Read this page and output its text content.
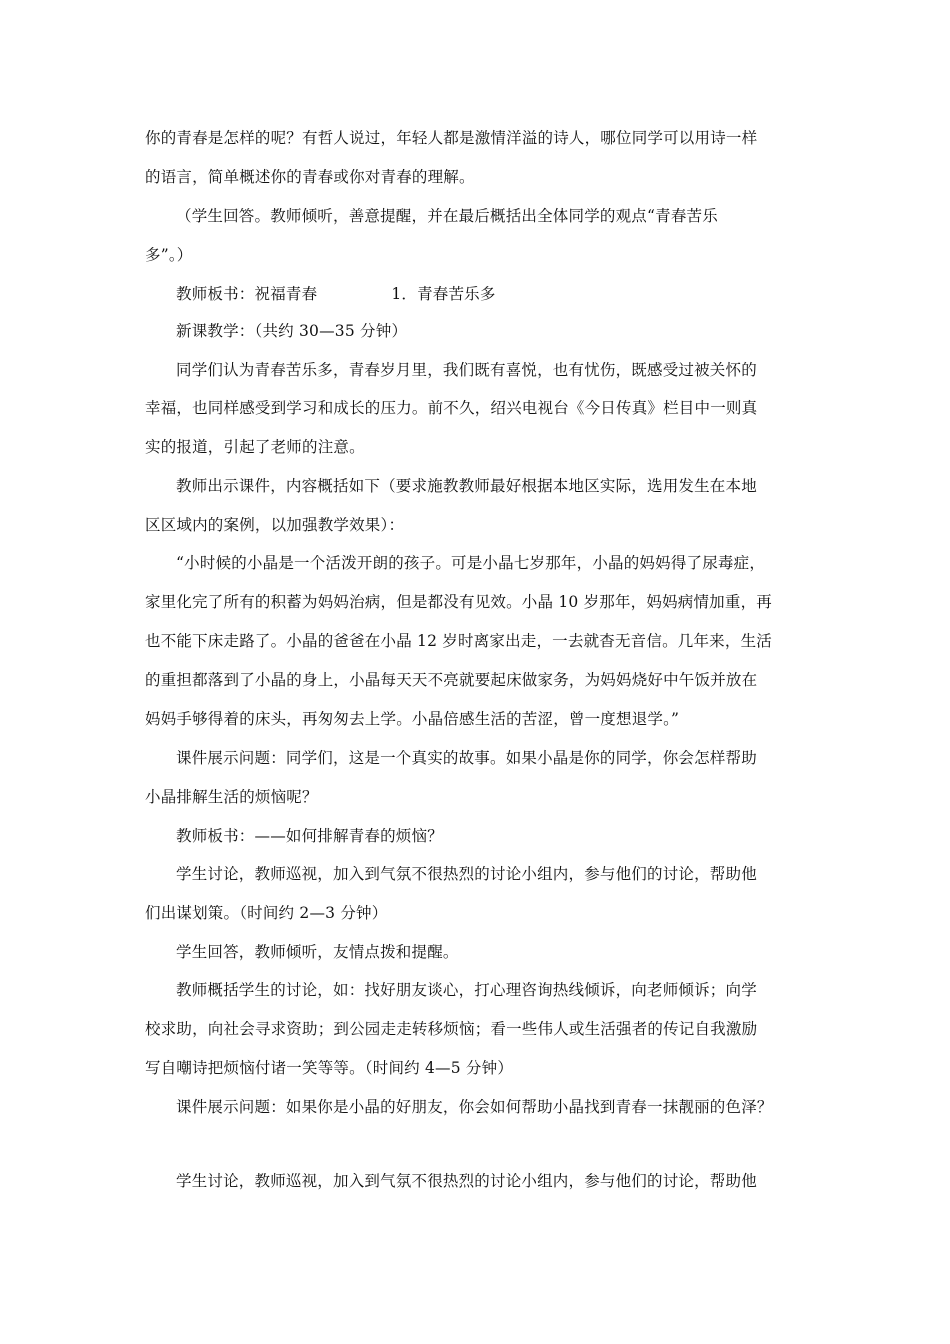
你的青春是怎样的呢？有哲人说过，年轻人都是激情洋溢的诗人，哪位同学可以用诗一样
的语言，简单概述你的青春或你对青春的理解。
（学生回答。教师倾听，善意提醒，并在最后概括出全体同学的观点“青春苦乐
多”。）
教师板书：祝福青春	1．青春苦乐多
新课教学：（共约 30—35 分钟）
同学们认为青春苦乐多，青春岁月里，我们既有喜悦，也有忧伤，既感受过被关怀的
幸福，也同样感受到学习和成长的压力。前不久，绍兴电视台《今日传真》栏目中一则真
实的报道，引起了老师的注意。
教师出示课件，内容概括如下（要求施教教师最好根据本地区实际，选用发生在本地
区区域内的案例，以加强教学效果）：
“小时候的小晶是一个活泼开朗的孩子。可是小晶七岁那年，小晶的妈妈得了尿毒症，
家里化完了所有的积蓄为妈妈治病，但是都没有见效。小晶 10 岁那年，妈妈病情加重，再
也不能下床走路了。小晶的爸爸在小晶 12 岁时离家出走，一去就杳无音信。几年来，生活
的重担都落到了小晶的身上，小晶每天天不亮就要起床做家务，为妈妈烧好中午饭并放在
妈妈手够得着的床头，再匆匆去上学。小晶倍感生活的苦涩，曾一度想退学。”
课件展示问题：同学们，这是一个真实的故事。如果小晶是你的同学，你会怎样帮助
小晶排解生活的烦恼呢？
教师板书：——如何排解青春的烦恼？
学生讨论，教师巡视，加入到气氛不很热烈的讨论小组内，参与他们的讨论，帮助他
们出谋划策。（时间约 2—3 分钟）
学生回答，教师倾听，友情点拨和提醒。
教师概括学生的讨论，如：找好朋友谈心，打心理咨询热线倾诉，向老师倾诉；向学
校求助，向社会寻求资助；到公园走走转移烦恼；看一些伟人或生活强者的传记自我激励
写自嘲诗把烦恼付诸一笑等等。（时间约 4—5 分钟）
课件展示问题：如果你是小晶的好朋友，你会如何帮助小晶找到青春一抹靓丽的色泽？
学生讨论，教师巡视，加入到气氛不很热烈的讨论小组内，参与他们的讨论，帮助他
